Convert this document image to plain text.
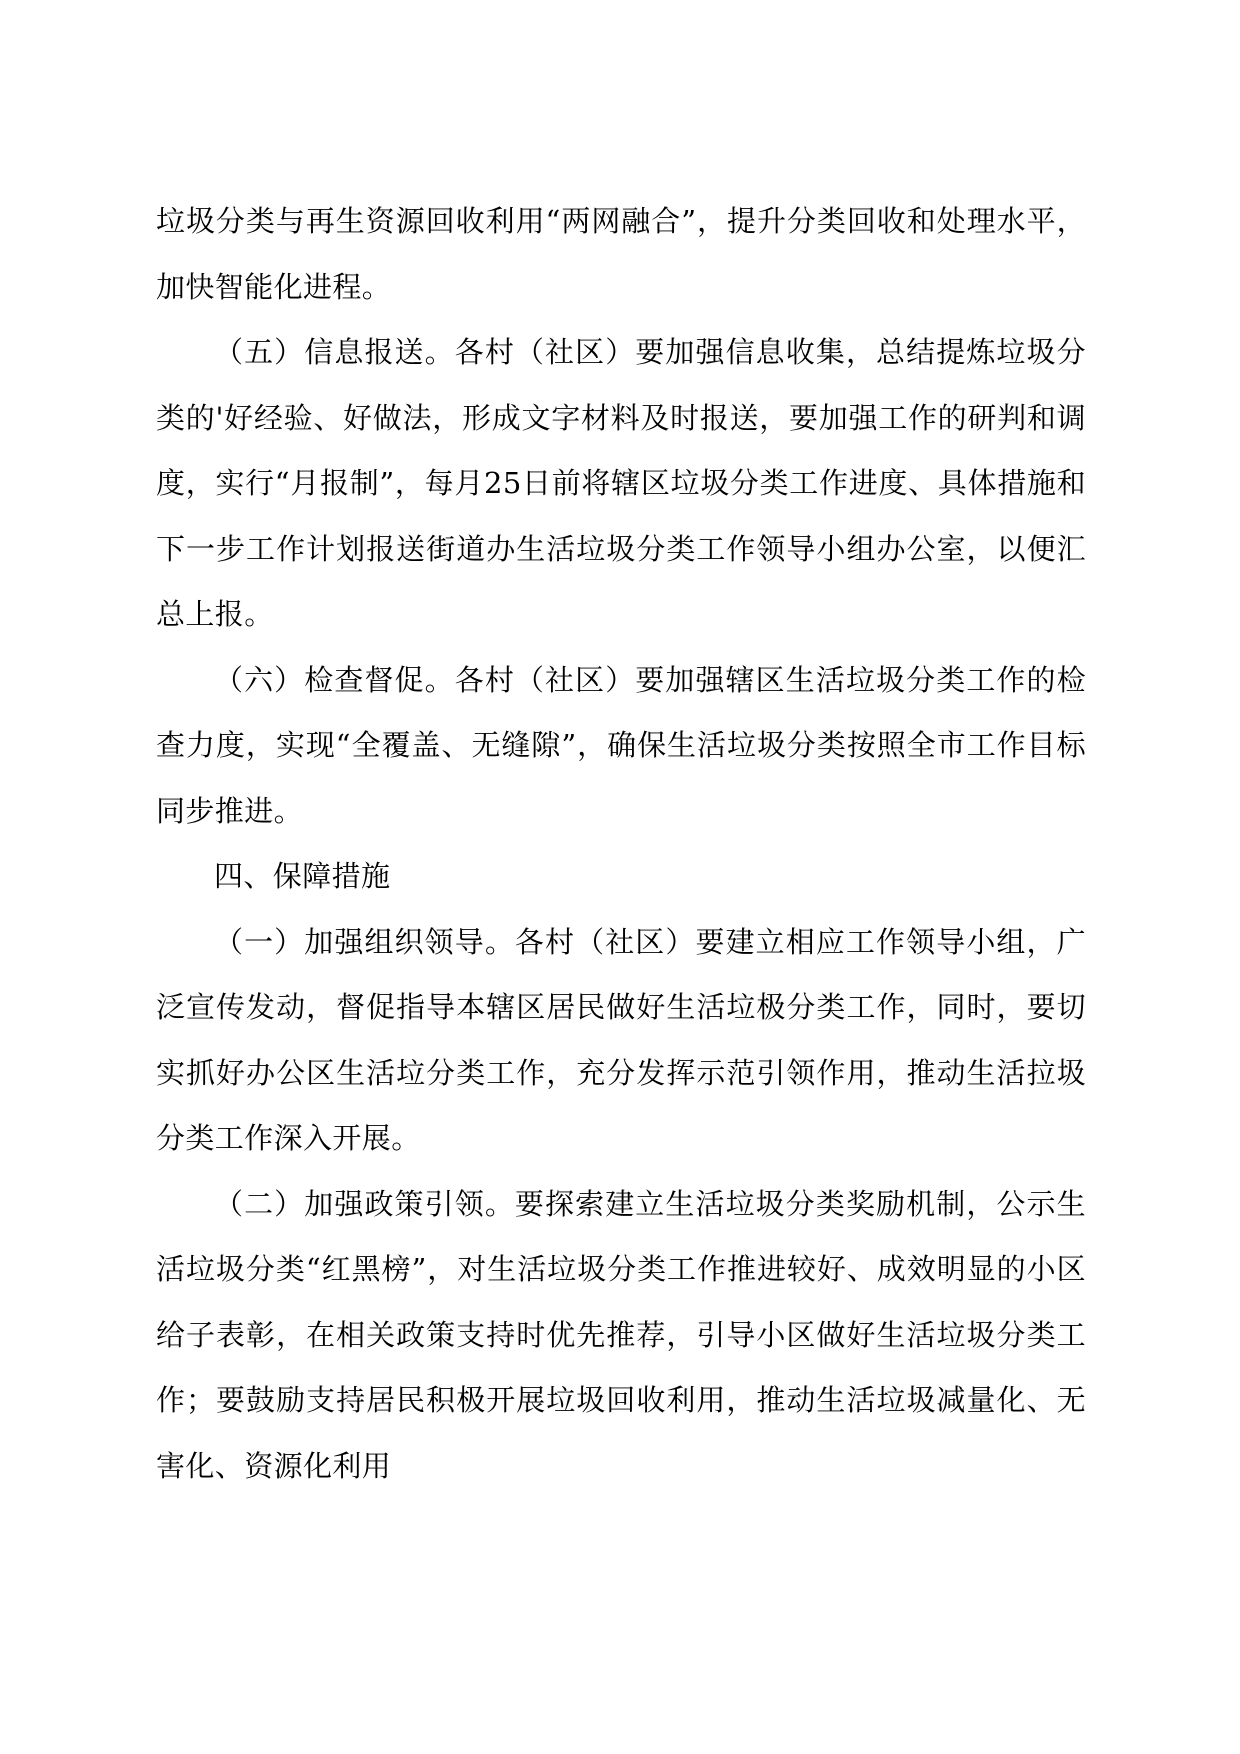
垃圾分类与再生资源回收利用“两网融合”，提升分类回收和处理水平，加快智能化进程。

（五）信息报送。各村（社区）要加强信息收集，总结提炼垃圾分类的'好经验、好做法，形成文字材料及时报送，要加强工作的研判和调度，实行“月报制”，每月25日前将辖区垃圾分类工作进度、具体措施和下一步工作计划报送街道办生活垃圾分类工作领导小组办公室，以便汇总上报。

（六）检查督促。各村（社区）要加强辖区生活垃圾分类工作的检查力度，实现“全覆盖、无缝隙”，确保生活垃圾分类按照全市工作目标同步推进。

四、保障措施

（一）加强组织领导。各村（社区）要建立相应工作领导小组，广泛宣传发动，督促指导本辖区居民做好生活垃极分类工作，同时，要切实抓好办公区生活垃分类工作，充分发挥示范引领作用，推动生活拉圾分类工作深入开展。

（二）加强政策引领。要探索建立生活垃圾分类奖励机制，公示生活垃圾分类“红黑榜”，对生活垃圾分类工作推进较好、成效明显的小区给子表彰，在相关政策支持时优先推荐，引导小区做好生活垃圾分类工作；要鼓励支持居民积极开展垃圾回收利用，推动生活垃圾减量化、无害化、资源化利用
